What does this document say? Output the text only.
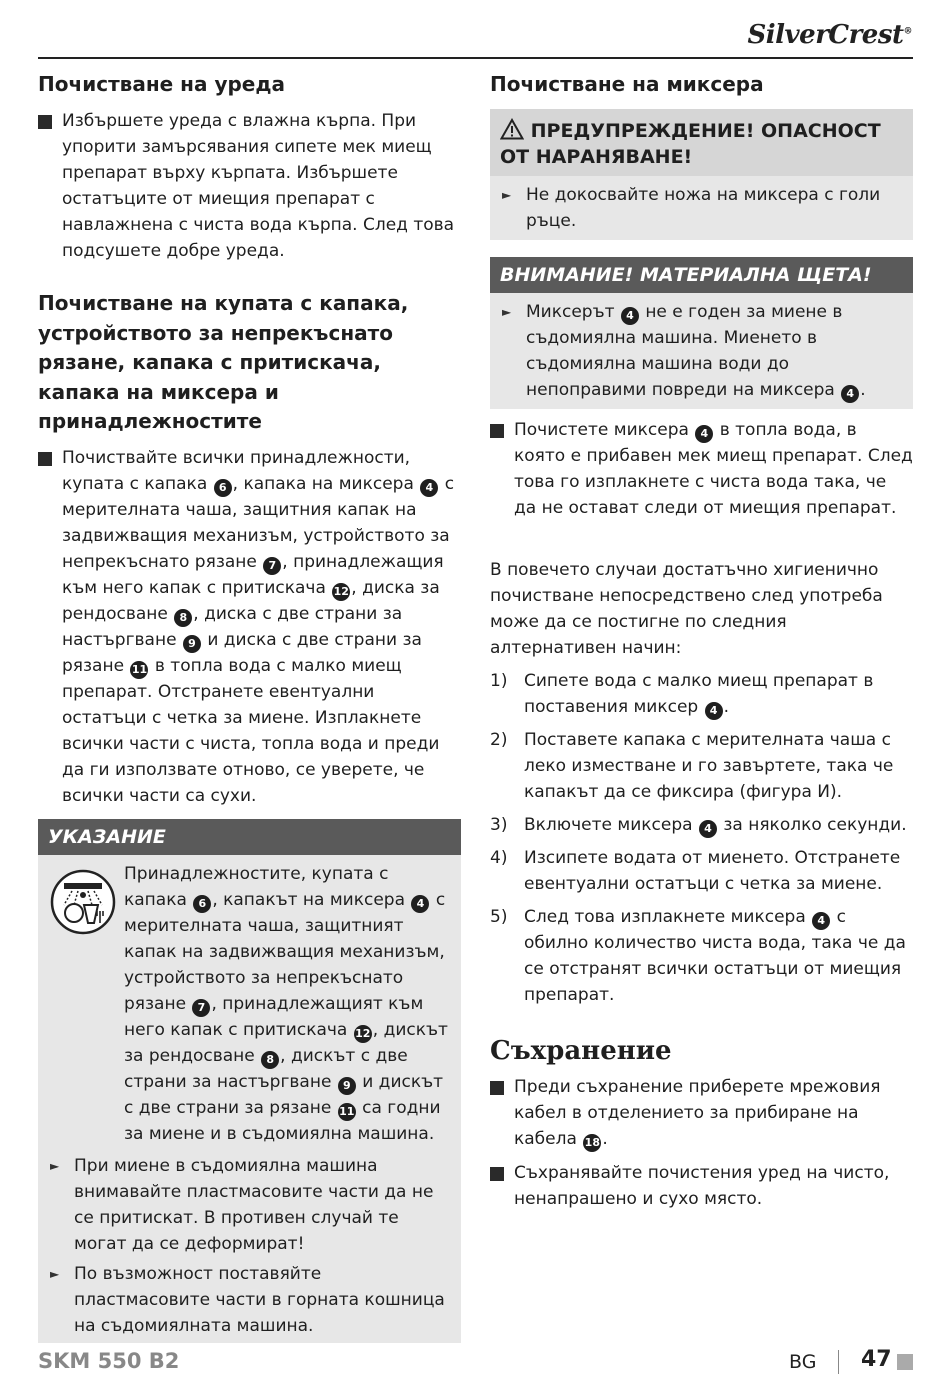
SilverCrest®
Почистване на уреда

Избършете уреда с влажна кърпа. При упорити замърсявания сипете мек миещ препарат върху кърпата. Избършете остатъците от миещия препарат с навлажнена с чиста вода кърпа. След това подсушете добре уреда.

Почистване на купата с капака, устройството за непрекъснато рязане, капака с притискача, капака на миксера и принадлежностите

Почиствайте всички принадлежности, купата с капака 6 , капака на миксера 4 с мерителната чаша, защитния капак на задвижващия механизъм, устройството за непрекъснато рязане 7 , принадлежащия към него капак с притискача 12 , диска за рендосване 8 , диска с две страни за настъргване 9 и диска с две страни за рязане 11 в топла вода с малко миещ препарат. Отстранете евентуални остатъци с четка за миене. Изплакнете всички части с чиста, топла вода и преди да ги използвате отново, се уверете, че всички части са сухи.

УКАЗАНИЕ

Принадлежностите, купата с капака 6 , капакът на миксера 4 с мерителната чаша, защитният капак на задвижващия механизъм, устройството за непрекъснато рязане 7 , принадлежащият към него капак с притискача 12 , дискът за рендосване 8 , дискът с две страни за настъргване 9 и дискът с две страни за рязане 11 са годни за миене и в съдомиялна машина.

► При миене в съдомиялна машина внимавайте пластмасовите части да не се притискат. В противен случай те могат да се деформират!

► По възможност поставяйте пластмасовите части в горната кошница на съдомиялната машина.

Почистване на миксера
ПРЕДУПРЕЖДЕНИЕ! ОПАСНОСТ ОТ НАРАНЯВАНЕ!

► Не докосвайте ножа на миксера с голи ръце.

ВНИМАНИЕ! МАТЕРИАЛНА ЩЕТА!

► Миксерът 4 не е годен за миене в съдомиялна машина. Миенето в съдомиялна машина води до непоправими повреди на миксера 4 .

Почистете миксера 4 в топла вода, в която е прибавен мек миещ препарат. След това го изплакнете с чиста вода така, че да не остават следи от миещия препарат.

В повечето случаи достатъчно хигиенично почистване непосредствено след употреба може да се постигне по следния алтернативен начин:

1) Сипете вода с малко миещ препарат в поставения миксер 4 .

2) Поставете капака с мерителната чаша с леко изместване и го завъртете, така че капакът да се фиксира (фигура И).

3) Включете миксера 4 за няколко секунди.

4) Изсипете водата от миенето. Отстранете евентуални остатъци с четка за миене.

5) След това изплакнете миксера 4 с обилно количество чиста вода, така че да се отстранят всички остатъци от миещия препарат.

Съхранение

Преди съхранение приберете мрежовия кабел в отделението за прибиране на кабела 18 .

Съхранявайте почистения уред на чисто, ненапрашено и сухо място.

SKM 550 B2	BG 47
